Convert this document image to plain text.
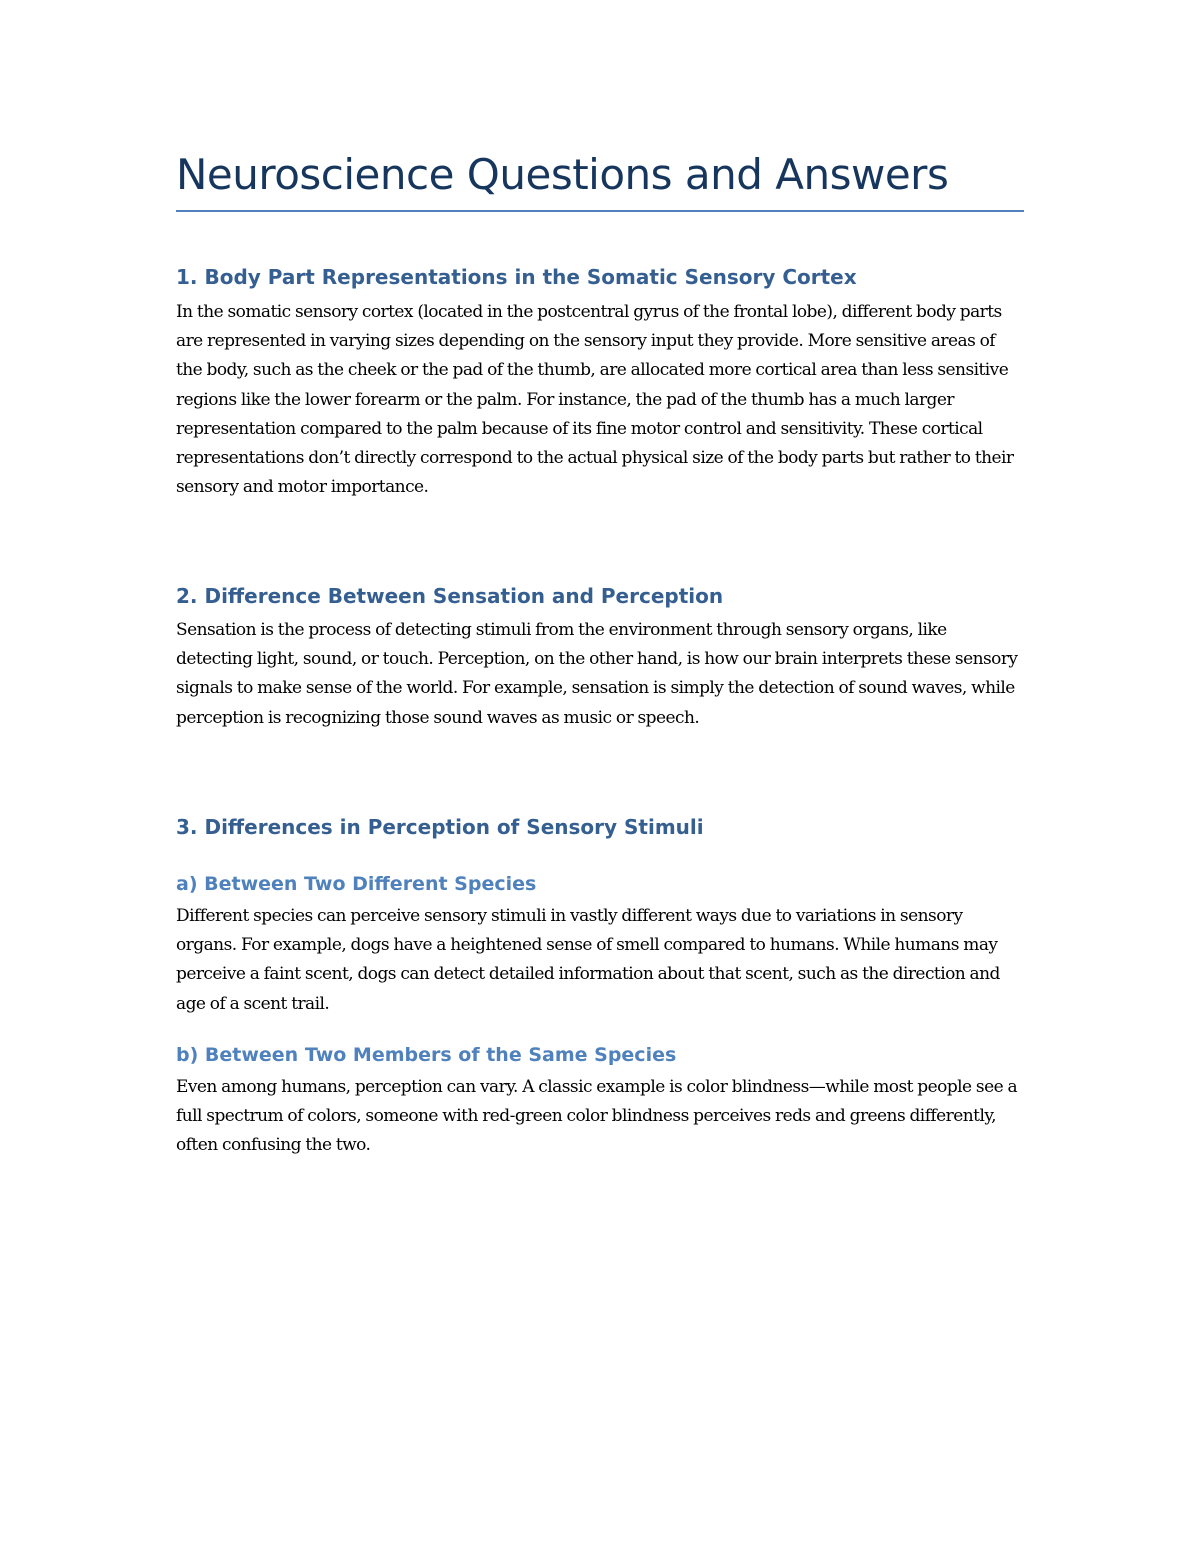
Neuroscience Questions and Answers
1. Body Part Representations in the Somatic Sensory Cortex

In the somatic sensory cortex (located in the postcentral gyrus of the frontal lobe), different body parts are represented in varying sizes depending on the sensory input they provide. More sensitive areas of the body, such as the cheek or the pad of the thumb, are allocated more cortical area than less sensitive regions like the lower forearm or the palm. For instance, the pad of the thumb has a much larger representation compared to the palm because of its fine motor control and sensitivity. These cortical representations don’t directly correspond to the actual physical size of the body parts but rather to their sensory and motor importance.

2. Difference Between Sensation and Perception

Sensation is the process of detecting stimuli from the environment through sensory organs, like detecting light, sound, or touch. Perception, on the other hand, is how our brain interprets these sensory signals to make sense of the world. For example, sensation is simply the detection of sound waves, while perception is recognizing those sound waves as music or speech.

3. Differences in Perception of Sensory Stimuli
a) Between Two Different Species

Different species can perceive sensory stimuli in vastly different ways due to variations in sensory organs. For example, dogs have a heightened sense of smell compared to humans. While humans may perceive a faint scent, dogs can detect detailed information about that scent, such as the direction and age of a scent trail.

b) Between Two Members of the Same Species

Even among humans, perception can vary. A classic example is color blindness—while most people see a full spectrum of colors, someone with red-green color blindness perceives reds and greens differently, often confusing the two.
